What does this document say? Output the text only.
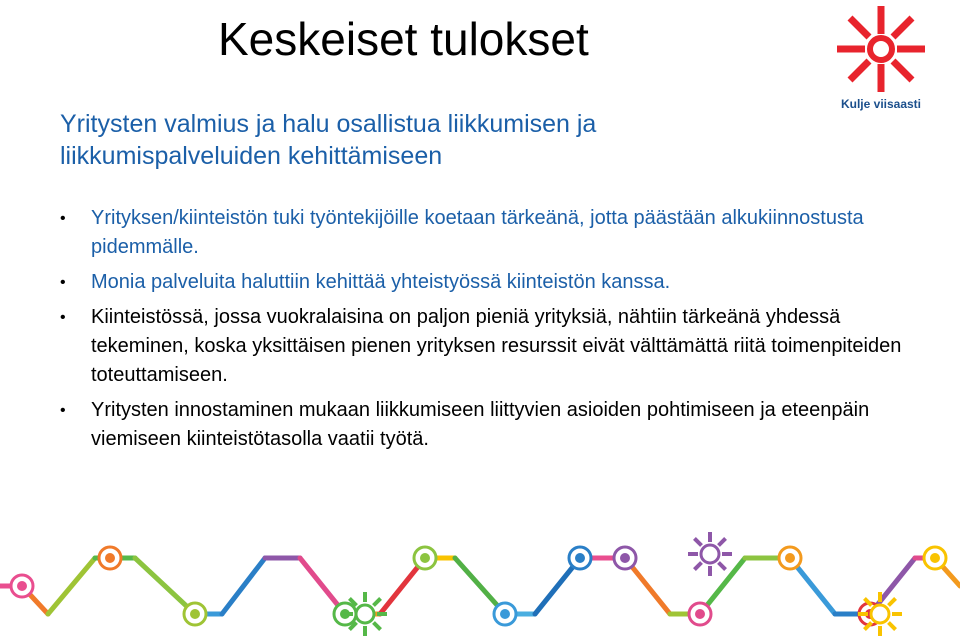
Keskeiset tulokset
Kulje viisaasti
Yritysten valmius ja halu osallistua liikkumisen ja liikkumispalveluiden kehittämiseen
• Yrityksen/kiinteistön tuki työntekijöille koetaan tärkeänä, jotta päästään alkukiinnostusta pidemmälle.
• Monia palveluita haluttiin kehittää yhteistyössä kiinteistön kanssa.
• Kiinteistössä, jossa vuokralaisina on paljon pieniä yrityksiä, nähtiin tärkeänä yhdessä tekeminen, koska yksittäisen pienen yrityksen resurssit eivät välttämättä riitä toimenpiteiden toteuttamiseen.
• Yritysten innostaminen mukaan liikkumiseen liittyvien asioiden pohtimiseen ja eteenpäin viemiseen kiinteistötasolla vaatii työtä.
